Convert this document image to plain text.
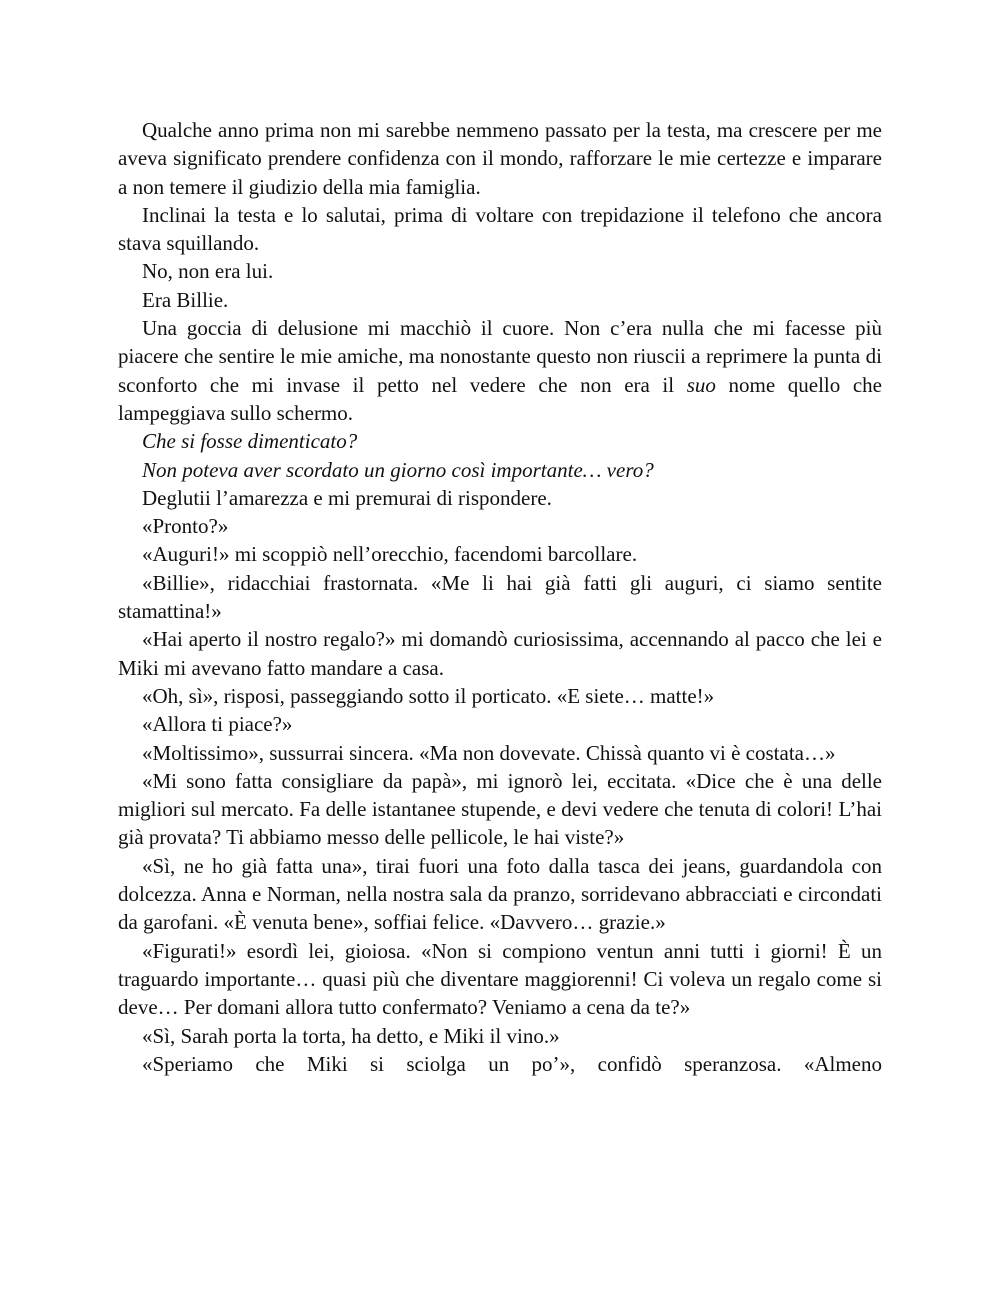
Qualche anno prima non mi sarebbe nemmeno passato per la testa, ma crescere per me aveva significato prendere confidenza con il mondo, rafforzare le mie certezze e imparare a non temere il giudizio della mia famiglia.

Inclinai la testa e lo salutai, prima di voltare con trepidazione il telefono che ancora stava squillando.

No, non era lui.

Era Billie.

Una goccia di delusione mi macchiò il cuore. Non c’era nulla che mi facesse più piacere che sentire le mie amiche, ma nonostante questo non riuscii a reprimere la punta di sconforto che mi invase il petto nel vedere che non era il suo nome quello che lampeggiava sullo schermo.

Che si fosse dimenticato?

Non poteva aver scordato un giorno così importante… vero?

Deglutii l’amarezza e mi premurai di rispondere.

«Pronto?»

«Auguri!» mi scoppiò nell’orecchio, facendomi barcollare.

«Billie», ridacchiai frastornata. «Me li hai già fatti gli auguri, ci siamo sentite stamattina!»

«Hai aperto il nostro regalo?» mi domandò curiosissima, accennando al pacco che lei e Miki mi avevano fatto mandare a casa.

«Oh, sì», risposi, passeggiando sotto il porticato. «E siete… matte!»

«Allora ti piace?»

«Moltissimo», sussurrai sincera. «Ma non dovevate. Chissà quanto vi è costata…»

«Mi sono fatta consigliare da papà», mi ignorò lei, eccitata. «Dice che è una delle migliori sul mercato. Fa delle istantanee stupende, e devi vedere che tenuta di colori! L’hai già provata? Ti abbiamo messo delle pellicole, le hai viste?»

«Sì, ne ho già fatta una», tirai fuori una foto dalla tasca dei jeans, guardandola con dolcezza. Anna e Norman, nella nostra sala da pranzo, sorridevano abbracciati e circondati da garofani. «È venuta bene», soffiai felice. «Davvero… grazie.»

«Figurati!» esordì lei, gioiosa. «Non si compiono ventun anni tutti i giorni! È un traguardo importante… quasi più che diventare maggiorenni! Ci voleva un regalo come si deve… Per domani allora tutto confermato? Veniamo a cena da te?»

«Sì, Sarah porta la torta, ha detto, e Miki il vino.»

«Speriamo che Miki si sciolga un po’», confidò speranzosa. «Almeno
